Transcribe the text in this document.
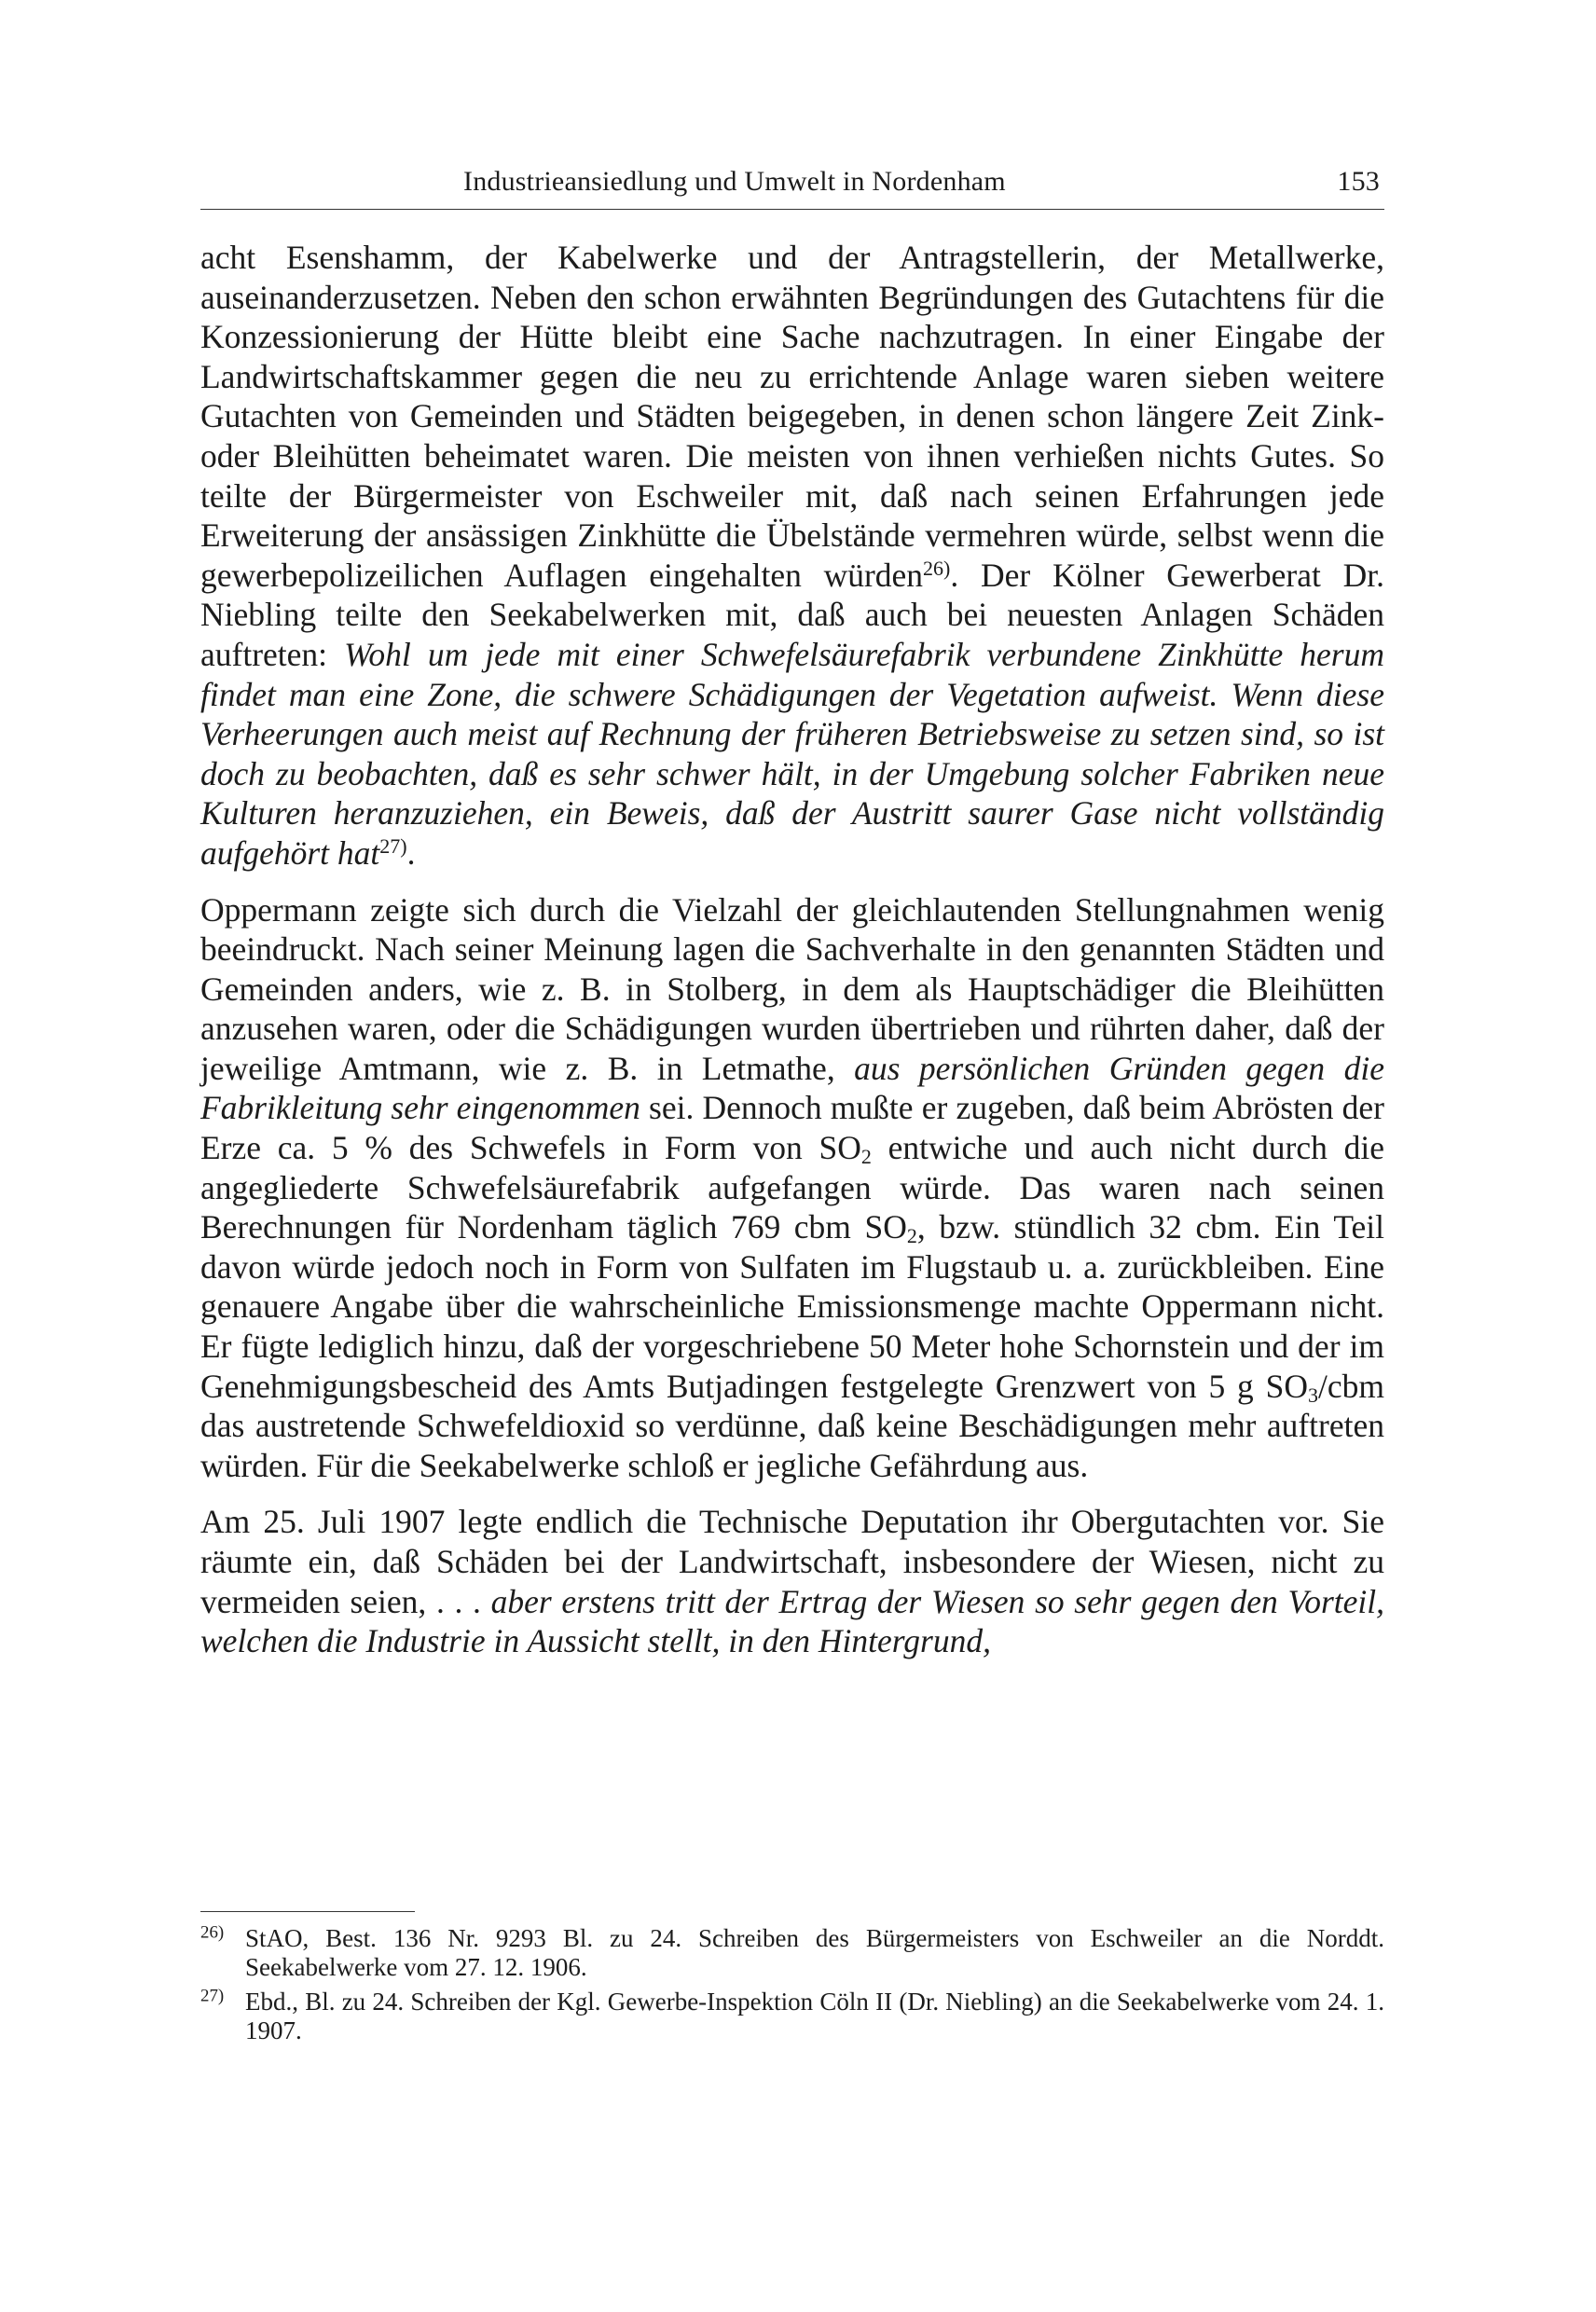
Industrieansiedlung und Umwelt in Nordenham	153

acht Esenshamm, der Kabelwerke und der Antragstellerin, der Metallwerke, auseinanderzusetzen. Neben den schon erwähnten Begründungen des Gutachtens für die Konzessionierung der Hütte bleibt eine Sache nachzutragen. In einer Eingabe der Landwirtschaftskammer gegen die neu zu errichtende Anlage waren sieben weitere Gutachten von Gemeinden und Städten beigegeben, in denen schon längere Zeit Zink- oder Bleihütten beheimatet waren. Die meisten von ihnen verhießen nichts Gutes. So teilte der Bürgermeister von Eschweiler mit, daß nach seinen Erfahrungen jede Erweiterung der ansässigen Zinkhütte die Übelstände vermehren würde, selbst wenn die gewerbepolizeilichen Auflagen eingehalten würden$^{26)}$. Der Kölner Gewerberat Dr. Niebling teilte den Seekabelwerken mit, daß auch bei neuesten Anlagen Schäden auftreten: Wohl um jede mit einer Schwefelsäurefabrik verbundene Zinkhütte herum findet man eine Zone, die schwere Schädigungen der Vegetation aufweist. Wenn diese Verheerungen auch meist auf Rechnung der früheren Betriebsweise zu setzen sind, so ist doch zu beobachten, daß es sehr schwer hält, in der Umgebung solcher Fabriken neue Kulturen heranzuziehen, ein Beweis, daß der Austritt saurer Gase nicht vollständig aufgehört hat$^{27)}$.

Oppermann zeigte sich durch die Vielzahl der gleichlautenden Stellungnahmen wenig beeindruckt. Nach seiner Meinung lagen die Sachverhalte in den genannten Städten und Gemeinden anders, wie z. B. in Stolberg, in dem als Hauptschädiger die Bleihütten anzusehen waren, oder die Schädigungen wurden übertrieben und rührten daher, daß der jeweilige Amtmann, wie z. B. in Letmathe, aus persönlichen Gründen gegen die Fabrikleitung sehr eingenommen sei. Dennoch mußte er zugeben, daß beim Abrösten der Erze ca. 5 % des Schwefels in Form von $SO_2$ entwiche und auch nicht durch die angegliederte Schwefelsäurefabrik aufgefangen würde. Das waren nach seinen Berechnungen für Nordenham täglich 769 cbm $SO_2$, bzw. stündlich 32 cbm. Ein Teil davon würde jedoch noch in Form von Sulfaten im Flugstaub u. a. zurückbleiben. Eine genauere Angabe über die wahrscheinliche Emissionsmenge machte Oppermann nicht. Er fügte lediglich hinzu, daß der vorgeschriebene 50 Meter hohe Schornstein und der im Genehmigungsbescheid des Amts Butjadingen festgelegte Grenzwert von 5 g $SO_3$/cbm das austretende Schwefeldioxid so verdünne, daß keine Beschädigungen mehr auftreten würden. Für die Seekabelwerke schloß er jegliche Gefährdung aus.

Am 25. Juli 1907 legte endlich die Technische Deputation ihr Obergutachten vor. Sie räumte ein, daß Schäden bei der Landwirtschaft, insbesondere der Wiesen, nicht zu vermeiden seien, . . . aber erstens tritt der Ertrag der Wiesen so sehr gegen den Vorteil, welchen die Industrie in Aussicht stellt, in den Hintergrund,

$^{26)}$ StAO, Best. 136 Nr. 9293 Bl. zu 24. Schreiben des Bürgermeisters von Eschweiler an die Norddt. Seekabelwerke vom 27. 12. 1906.
$^{27)}$ Ebd., Bl. zu 24. Schreiben der Kgl. Gewerbe-Inspektion Cöln II (Dr. Niebling) an die Seekabelwerke vom 24. 1. 1907.
